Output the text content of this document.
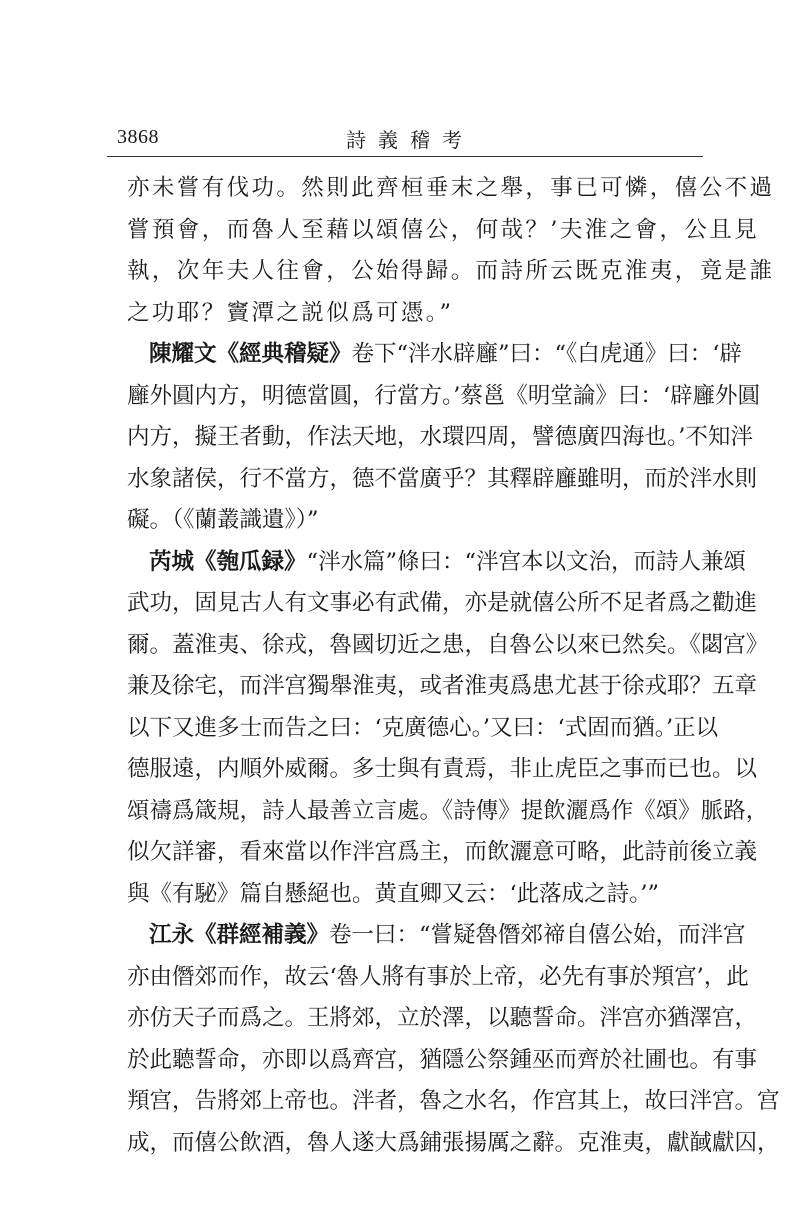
3868	詩義稽考
亦未嘗有伐功。然則此齊桓垂末之舉，事已可憐，僖公不過
嘗預會，而魯人至藉以頌僖公，何哉？’夫淮之會，公且見
執，次年夫人往會，公始得歸。而詩所云既克淮夷，竟是誰
之功耶？竇潭之説似爲可憑。”
陳耀文《經典稽疑》卷下“泮水辟廱”曰：“《白虎通》曰：‘辟
廱外圓内方，明德當圓，行當方。’蔡邕《明堂論》曰：‘辟廱外圓
内方，擬王者動，作法天地，水環四周，譬德廣四海也。’不知泮
水象諸侯，行不當方，德不當廣乎？其釋辟廱雖明，而於泮水則
礙。（《蘭叢識遺》）”
芮城《匏瓜録》“泮水篇”條曰：“泮宫本以文治，而詩人兼頌
武功，固見古人有文事必有武備，亦是就僖公所不足者爲之勸進
爾。蓋淮夷、徐戎，魯國切近之患，自魯公以來已然矣。《閟宫》
兼及徐宅，而泮宫獨舉淮夷，或者淮夷爲患尤甚于徐戎耶？五章
以下又進多士而告之曰：‘克廣德心。’又曰：‘式固而猶。’正以
德服遠，内順外威爾。多士與有責焉，非止虎臣之事而已也。以
頌禱爲箴規，詩人最善立言處。《詩傳》提飲灑爲作《頌》脈路，
似欠詳審，看來當以作泮宫爲主，而飲灑意可略，此詩前後立義
與《有駜》篇自懸絕也。黄直卿又云：‘此落成之詩。’”
江永《群經補義》卷一曰：“嘗疑魯僭郊禘自僖公始，而泮宫
亦由僭郊而作，故云‘魯人將有事於上帝，必先有事於頖宫’，此
亦仿天子而爲之。王將郊，立於澤，以聽誓命。泮宫亦猶澤宫，
於此聽誓命，亦即以爲齊宫，猶隱公祭鍾巫而齊於社圃也。有事
頖宫，告將郊上帝也。泮者，魯之水名，作宫其上，故曰泮宫。宫
成，而僖公飲酒，魯人遂大爲鋪張揚厲之辭。克淮夷，獻馘獻囚，
